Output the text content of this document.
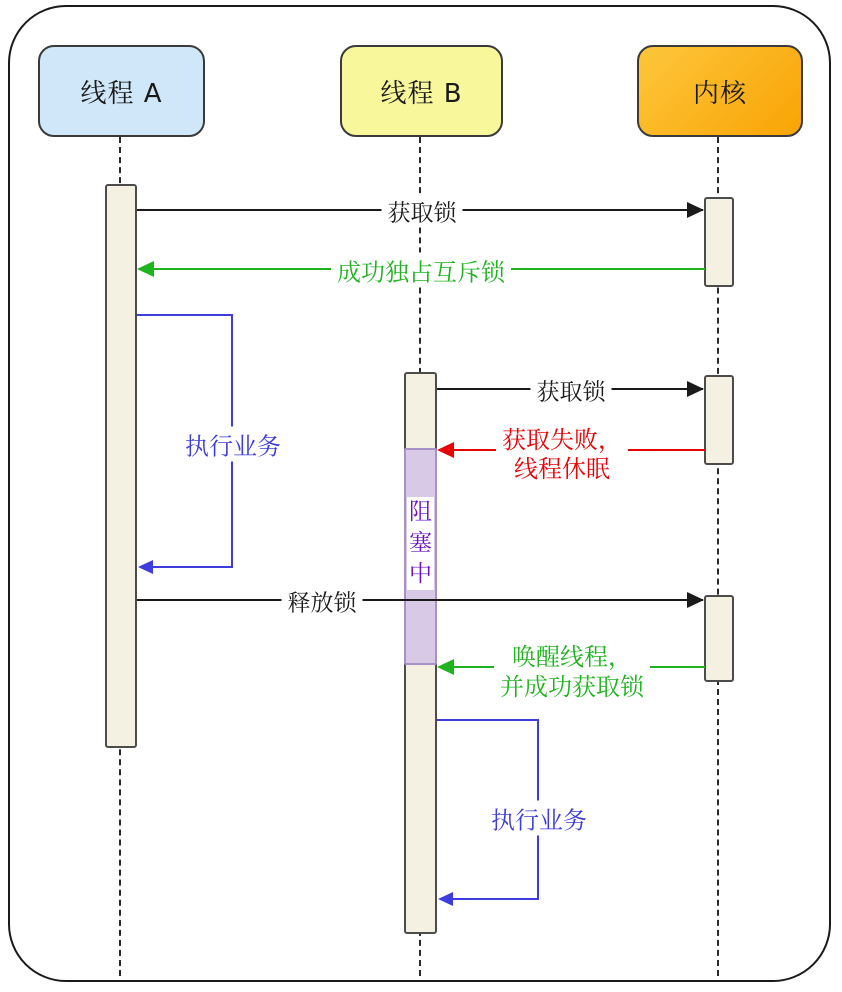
线程 A	线程 B	内核
阻
塞
中
获取锁
成功独占互斥锁
执行业务
获取锁
获取失败，
线程休眠
释放锁
唤醒线程，
并成功获取锁
执行业务
